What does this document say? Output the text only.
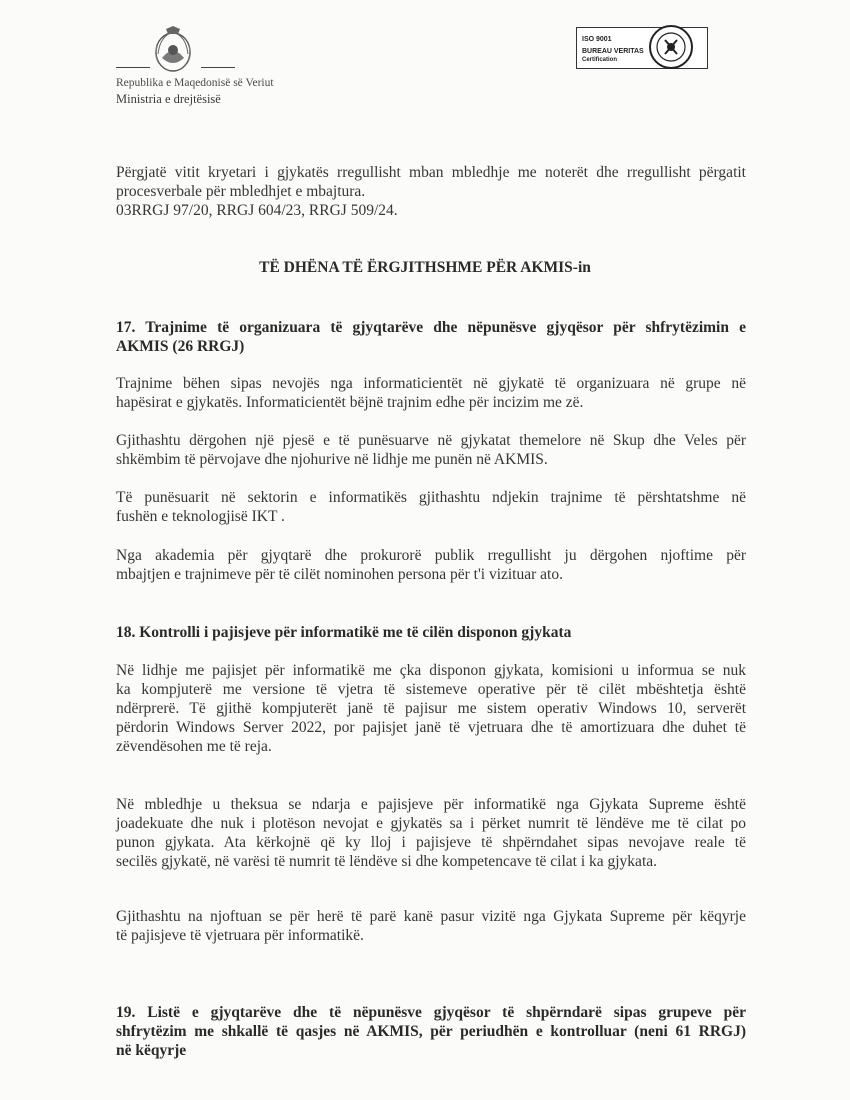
Republika e Maqedonisë së Veriut
Ministria e drejtësisë
ISO 9001
BUREAU VERITAS
Certification
Përgjatë vitit kryetari i gjykatës rregullisht mban mbledhje me noterët dhe rregullisht përgatit
procesverbale për mbledhjet e mbajtura.
03RRGJ 97/20, RRGJ 604/23, RRGJ 509/24.
TË DHËNA TË ËRGJITHSHME PËR AKMIS-in
17. Trajnime të organizuara të gjyqtarëve dhe nëpunësve gjyqësor për shfrytëzimin e
AKMIS (26 RRGJ)
Trajnime bëhen sipas nevojës nga informaticientët në gjykatë të organizuara në grupe në
hapësirat e gjykatës. Informaticientët bëjnë trajnim edhe për incizim me zë.
Gjithashtu dërgohen një pjesë e të punësuarve në gjykatat themelore në Skup dhe Veles për
shkëmbim të përvojave dhe njohurive në lidhje me punën në AKMIS.
Të punësuarit në sektorin e informatikës gjithashtu ndjekin trajnime të përshtatshme në
fushën e teknologjisë IKT .
Nga akademia për gjyqtarë dhe prokurorë publik rregullisht ju dërgohen njoftime për
mbajtjen e trajnimeve për të cilët nominohen persona për t'i vizituar ato.
18. Kontrolli i pajisjeve për informatikë me të cilën disponon gjykata
Në lidhje me pajisjet për informatikë me çka disponon gjykata, komisioni u informua se nuk
ka kompjuterë me versione të vjetra të sistemeve operative për të cilët mbështetja është
ndërprerë. Të gjithë kompjuterët janë të pajisur me sistem operativ Windows 10, serverët
përdorin Windows Server 2022, por pajisjet janë të vjetruara dhe të amortizuara dhe duhet të
zëvendësohen me të reja.
Në mbledhje u theksua se ndarja e pajisjeve për informatikë nga Gjykata Supreme është
joadekuate dhe nuk i plotëson nevojat e gjykatës sa i përket numrit të lëndëve me të cilat po
punon gjykata. Ata kërkojnë që ky lloj i pajisjeve të shpërndahet sipas nevojave reale të
secilës gjykatë, në varësi të numrit të lëndëve si dhe kompetencave të cilat i ka gjykata.
Gjithashtu na njoftuan se për herë të parë kanë pasur vizitë nga Gjykata Supreme për këqyrje
të pajisjeve të vjetruara për informatikë.
19. Listë e gjyqtarëve dhe të nëpunësve gjyqësor të shpërndarë sipas grupeve për
shfrytëzim me shkallë të qasjes në AKMIS, për periudhën e kontrolluar (neni 61 RRGJ)
në këqyrje
